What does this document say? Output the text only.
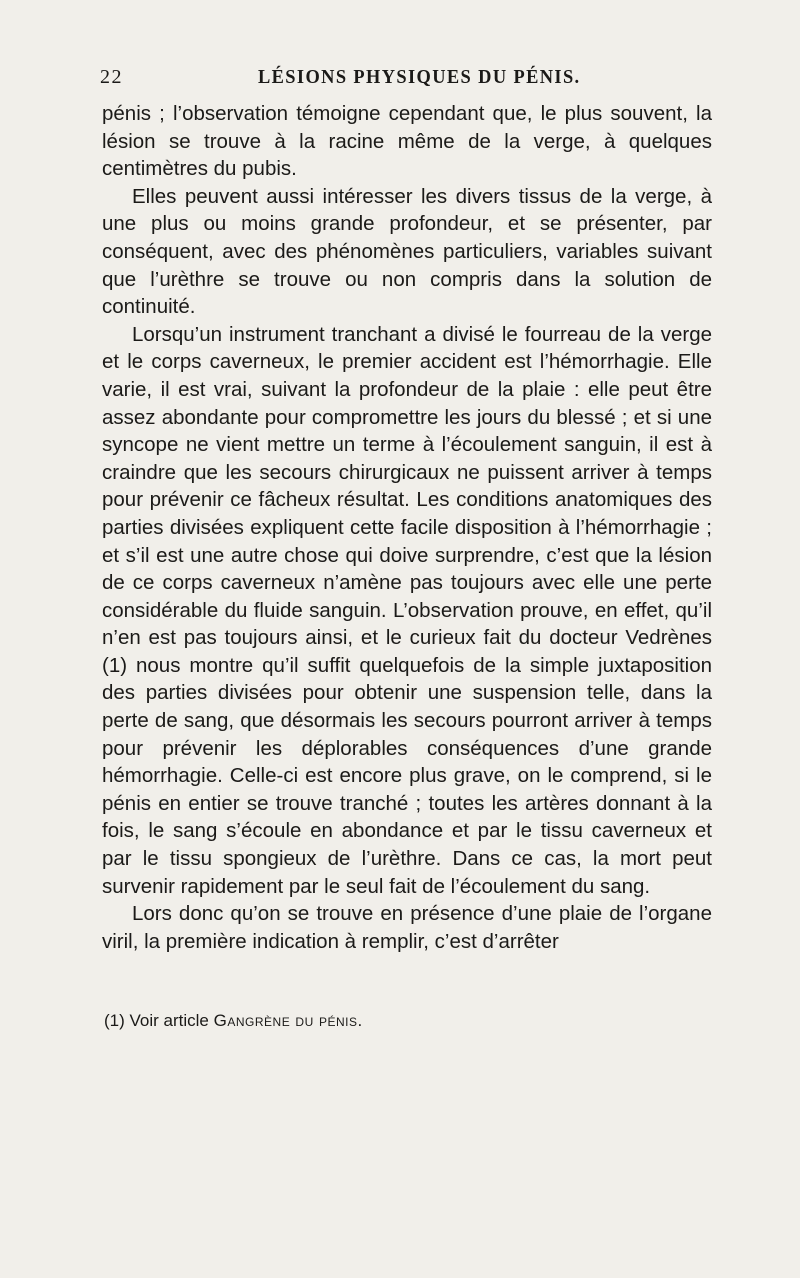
22	LÉSIONS PHYSIQUES DU PÉNIS.

pénis ; l’observation témoigne cependant que, le plus souvent, la lésion se trouve à la racine même de la verge, à quelques centimètres du pubis.

Elles peuvent aussi intéresser les divers tissus de la verge, à une plus ou moins grande profondeur, et se présenter, par conséquent, avec des phénomènes particuliers, variables suivant que l’urèthre se trouve ou non compris dans la solution de continuité.

Lorsqu’un instrument tranchant a divisé le fourreau de la verge et le corps caverneux, le premier accident est l’hémorrhagie. Elle varie, il est vrai, suivant la profondeur de la plaie : elle peut être assez abondante pour compromettre les jours du blessé ; et si une syncope ne vient mettre un terme à l’écoulement sanguin, il est à craindre que les secours chirurgicaux ne puissent arriver à temps pour prévenir ce fâcheux résultat. Les conditions anatomiques des parties divisées expliquent cette facile disposition à l’hémorrhagie ; et s’il est une autre chose qui doive surprendre, c’est que la lésion de ce corps caverneux n’amène pas toujours avec elle une perte considérable du fluide sanguin. L’observation prouve, en effet, qu’il n’en est pas toujours ainsi, et le curieux fait du docteur Vedrènes (1) nous montre qu’il suffit quelquefois de la simple juxtaposition des parties divisées pour obtenir une suspension telle, dans la perte de sang, que désormais les secours pourront arriver à temps pour prévenir les déplorables conséquences d’une grande hémorrhagie. Celle-ci est encore plus grave, on le comprend, si le pénis en entier se trouve tranché ; toutes les artères donnant à la fois, le sang s’écoule en abondance et par le tissu caverneux et par le tissu spongieux de l’urèthre. Dans ce cas, la mort peut survenir rapidement par le seul fait de l’écoulement du sang.

Lors donc qu’on se trouve en présence d’une plaie de l’organe viril, la première indication à remplir, c’est d’arrêter

(1) Voir article Gangrène du pénis.
